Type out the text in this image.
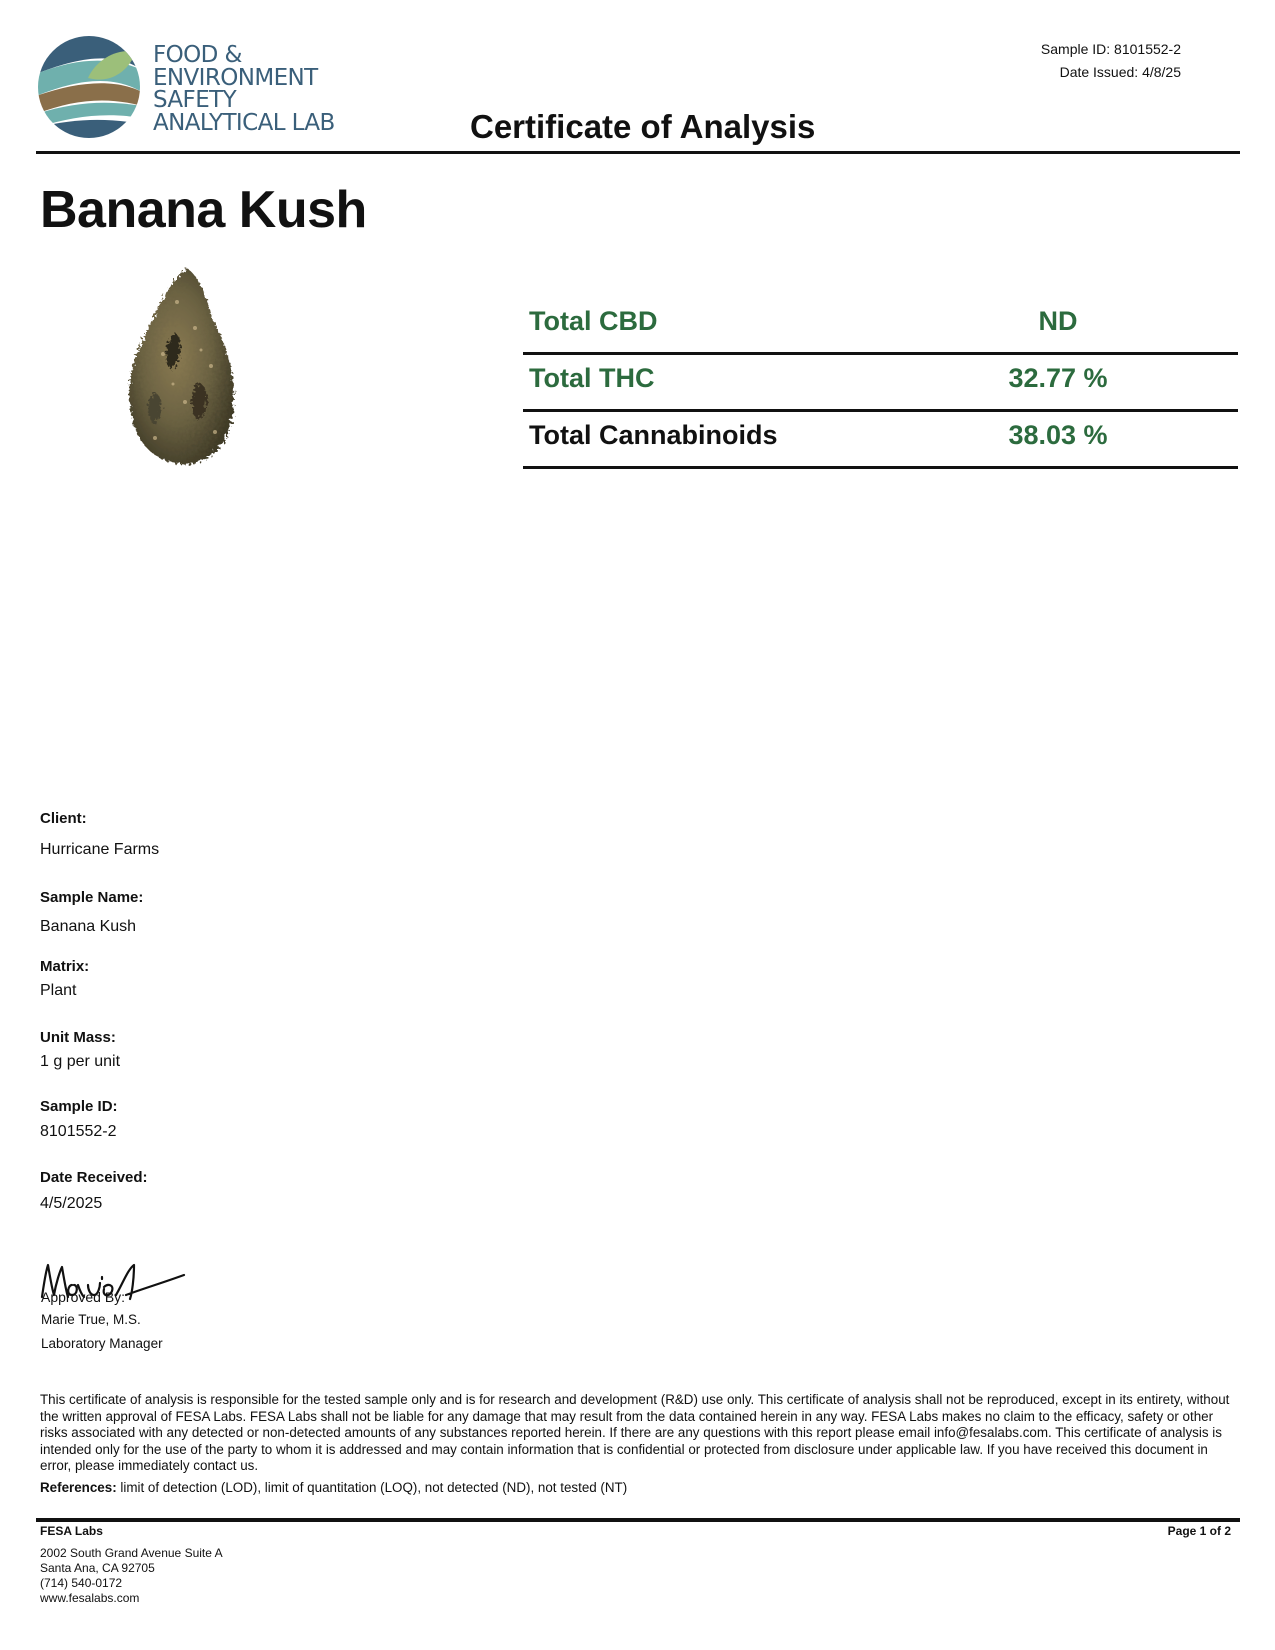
FOOD &
ENVIRONMENT
SAFETY
ANALYTICAL LAB
Sample ID: 8101552-2
Date Issued: 4/8/25
Certificate of Analysis
Banana Kush
Total CBD	ND
Total THC	32.77 %
Total Cannabinoids	38.03 %
Client:
Hurricane Farms
Sample Name:
Banana Kush
Matrix:
Plant
Unit Mass:
1 g per unit
Sample ID:
8101552-2
Date Received:
4/5/2025
Approved By:
Marie True, M.S.
Laboratory Manager
This certificate of analysis is responsible for the tested sample only and is for research and development (R&D) use only. This certificate of analysis shall not be reproduced, except in its entirety, without the written approval of FESA Labs. FESA Labs shall not be liable for any damage that may result from the data contained herein in any way. FESA Labs makes no claim to the efficacy, safety or other risks associated with any detected or non-detected amounts of any substances reported herein. If there are any questions with this report please email info@fesalabs.com. This certificate of analysis is intended only for the use of the party to whom it is addressed and may contain information that is confidential or protected from disclosure under applicable law. If you have received this document in error, please immediately contact us.
References: limit of detection (LOD), limit of quantitation (LOQ), not detected (ND), not tested (NT)
FESA Labs
2002 South Grand Avenue Suite A
Santa Ana, CA 92705
(714) 540-0172
www.fesalabs.com
Page 1 of 2
